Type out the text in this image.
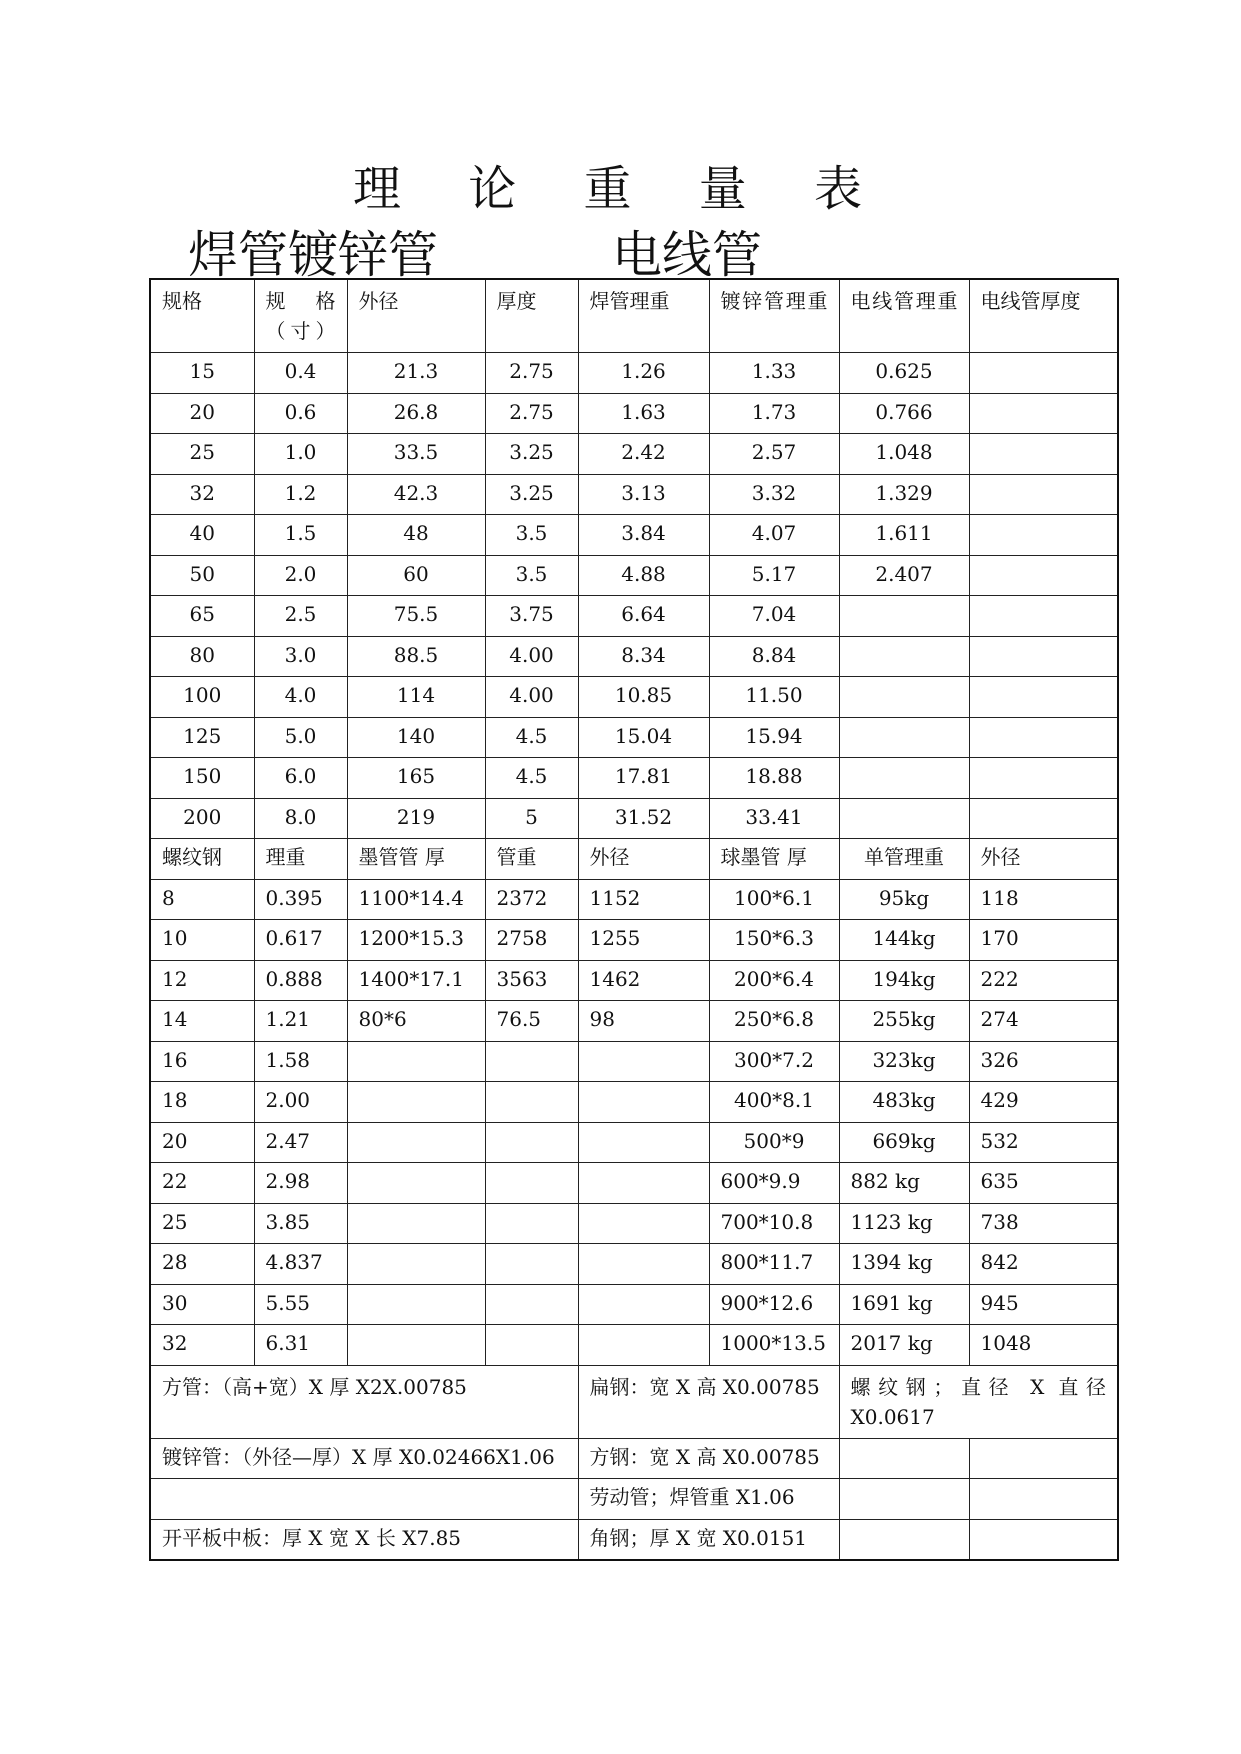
理 论 重 量 表
焊管镀锌管	电线管
规格	规 格（寸）	外径	厚度	焊管理重	镀锌管理重	电线管理重	电线管厚度
15	0.4	21.3	2.75	1.26	1.33	0.625	
20	0.6	26.8	2.75	1.63	1.73	0.766	
25	1.0	33.5	3.25	2.42	2.57	1.048	
32	1.2	42.3	3.25	3.13	3.32	1.329	
40	1.5	48	3.5	3.84	4.07	1.611	
50	2.0	60	3.5	4.88	5.17	2.407	
65	2.5	75.5	3.75	6.64	7.04		
80	3.0	88.5	4.00	8.34	8.84		
100	4.0	114	4.00	10.85	11.50		
125	5.0	140	4.5	15.04	15.94		
150	6.0	165	4.5	17.81	18.88		
200	8.0	219	5	31.52	33.41		
螺纹钢	理重	墨管管 厚	管重	外径	球墨管 厚	单管理重	外径
8	0.395	1100*14.4	2372	1152	100*6.1	95kg	118
10	0.617	1200*15.3	2758	1255	150*6.3	144kg	170
12	0.888	1400*17.1	3563	1462	200*6.4	194kg	222
14	1.21	80*6	76.5	98	250*6.8	255kg	274
16	1.58				300*7.2	323kg	326
18	2.00				400*8.1	483kg	429
20	2.47				500*9	669kg	532
22	2.98				600*9.9	882 kg	635
25	3.85				700*10.8	1123 kg	738
28	4.837				800*11.7	1394 kg	842
30	5.55				900*12.6	1691 kg	945
32	6.31				1000*13.5	2017 kg	1048
方管：（高+宽）X 厚 X2X.00785				扁钢：宽 X 高 X0.00785		螺纹钢；直径 X 直径 X0.0617	
镀锌管：（外径—厚）X 厚 X0.02466X1.06				方钢：宽 X 高 X0.00785			
				劳动管；焊管重 X1.06			
开平板中板：厚 X 宽 X 长 X7.85				角钢；厚 X 宽 X0.0151			
